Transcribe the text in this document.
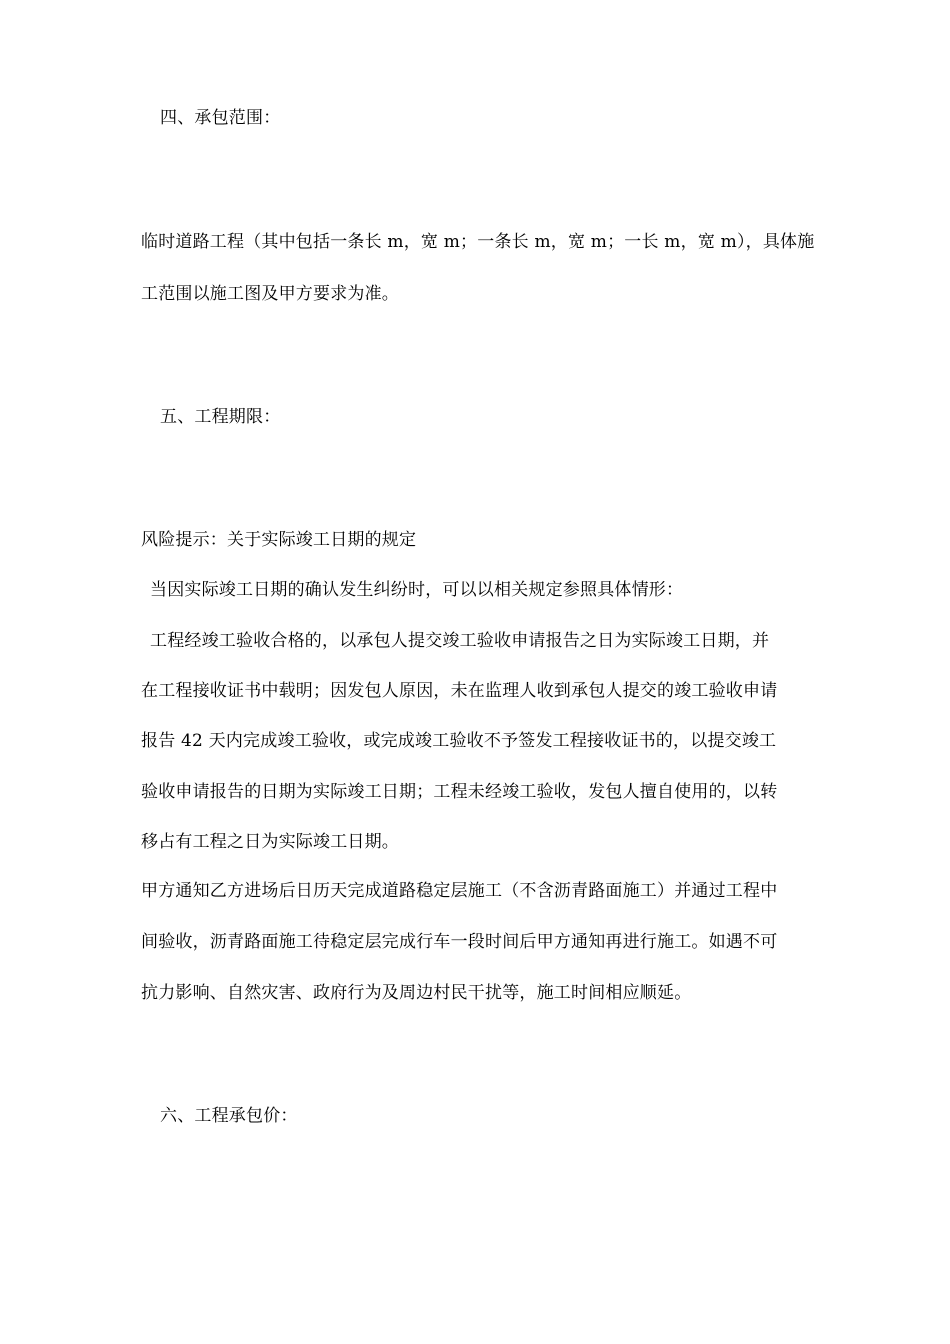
四、承包范围：
临时道路工程（其中包括一条长 m，宽 m；一条长 m，宽 m；一长 m，宽 m），具体施
工范围以施工图及甲方要求为准。
五、工程期限：
风险提示：关于实际竣工日期的规定
当因实际竣工日期的确认发生纠纷时，可以以相关规定参照具体情形：
工程经竣工验收合格的，以承包人提交竣工验收申请报告之日为实际竣工日期，并
在工程接收证书中载明；因发包人原因，未在监理人收到承包人提交的竣工验收申请
报告 42 天内完成竣工验收，或完成竣工验收不予签发工程接收证书的，以提交竣工
验收申请报告的日期为实际竣工日期；工程未经竣工验收，发包人擅自使用的，以转
移占有工程之日为实际竣工日期。
甲方通知乙方进场后日历天完成道路稳定层施工（不含沥青路面施工）并通过工程中
间验收，沥青路面施工待稳定层完成行车一段时间后甲方通知再进行施工。如遇不可
抗力影响、自然灾害、政府行为及周边村民干扰等，施工时间相应顺延。
六、工程承包价：
